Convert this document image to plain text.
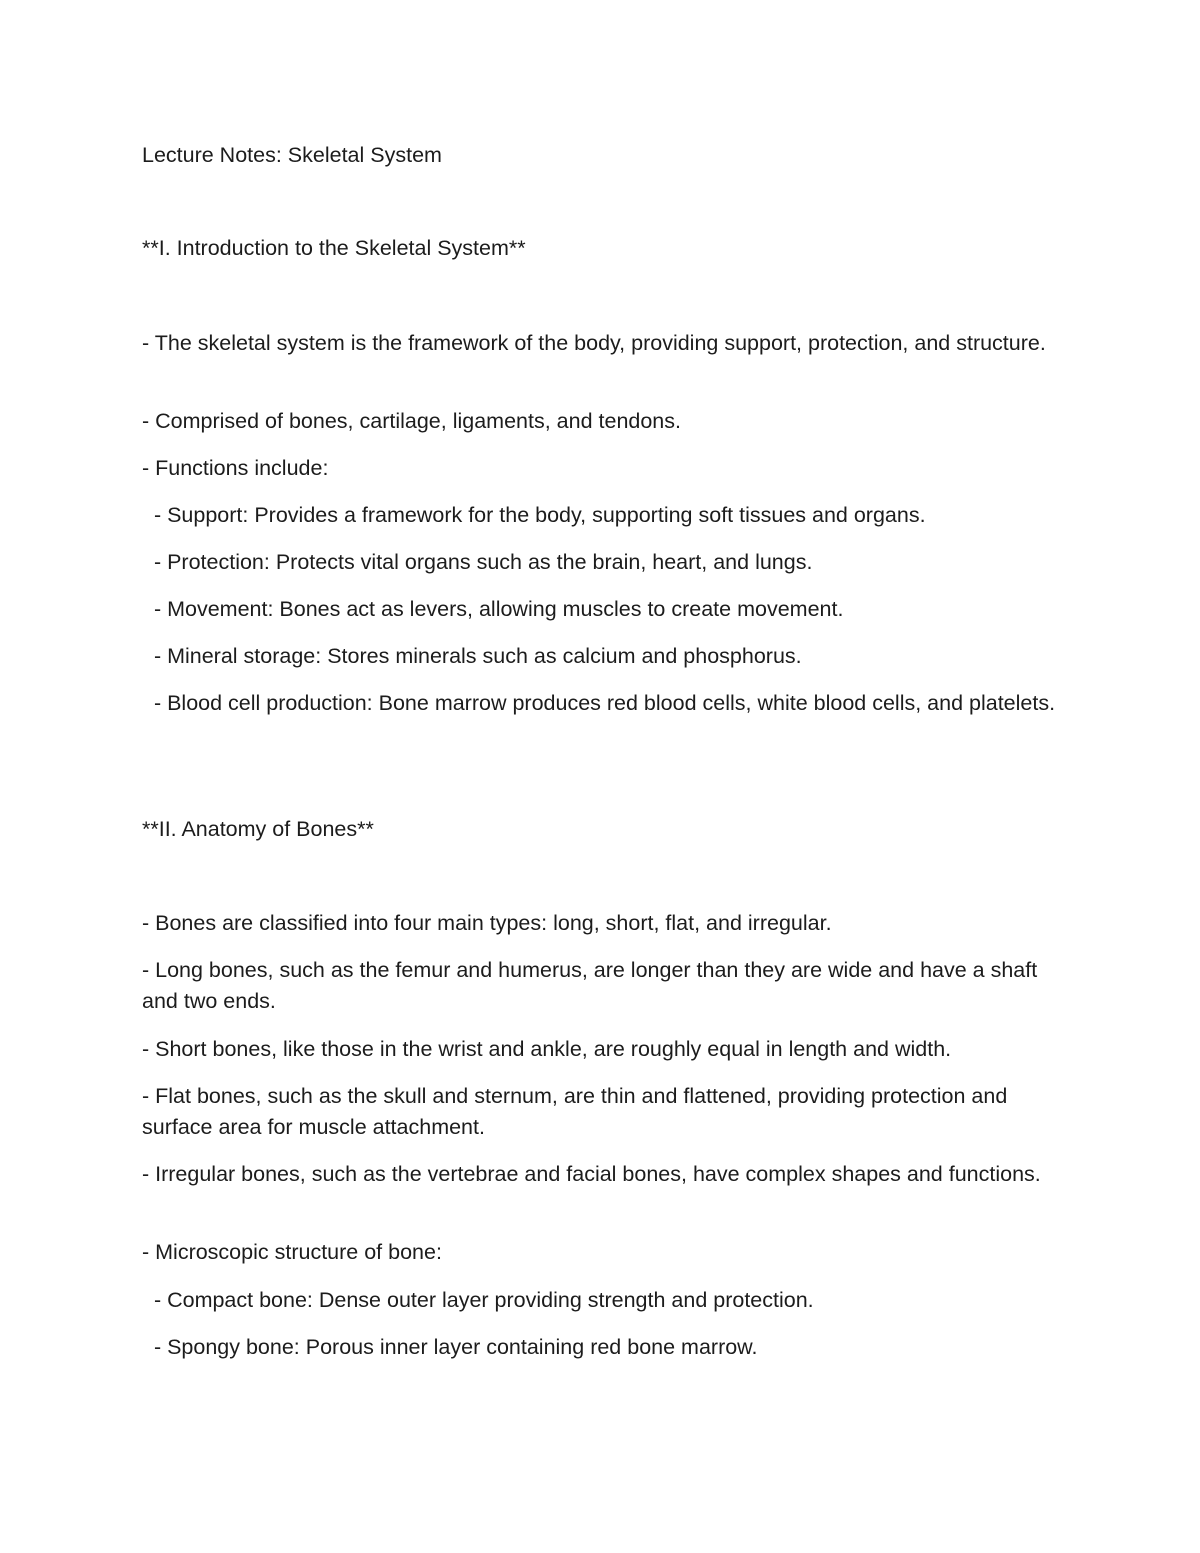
Lecture Notes: Skeletal System
**I. Introduction to the Skeletal System**
- The skeletal system is the framework of the body, providing support, protection, and structure.
- Comprised of bones, cartilage, ligaments, and tendons.
- Functions include:
- Support: Provides a framework for the body, supporting soft tissues and organs.
- Protection: Protects vital organs such as the brain, heart, and lungs.
- Movement: Bones act as levers, allowing muscles to create movement.
- Mineral storage: Stores minerals such as calcium and phosphorus.
- Blood cell production: Bone marrow produces red blood cells, white blood cells, and platelets.
**II. Anatomy of Bones**
- Bones are classified into four main types: long, short, flat, and irregular.
- Long bones, such as the femur and humerus, are longer than they are wide and have a shaft and two ends.
- Short bones, like those in the wrist and ankle, are roughly equal in length and width.
- Flat bones, such as the skull and sternum, are thin and flattened, providing protection and surface area for muscle attachment.
- Irregular bones, such as the vertebrae and facial bones, have complex shapes and functions.
- Microscopic structure of bone:
- Compact bone: Dense outer layer providing strength and protection.
- Spongy bone: Porous inner layer containing red bone marrow.
